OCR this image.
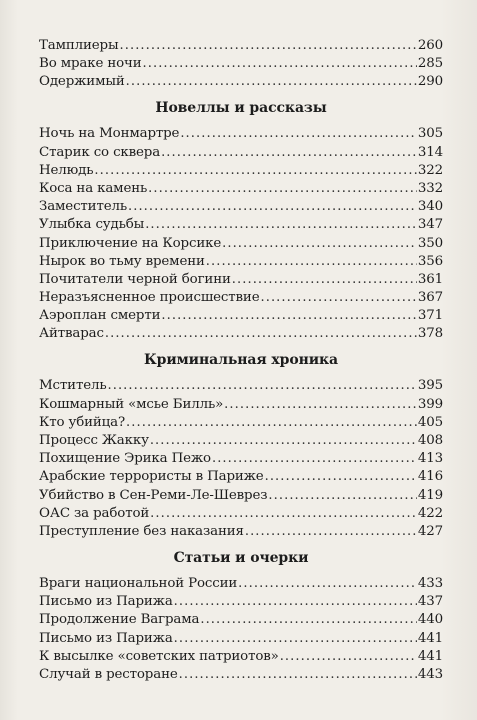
Тамплиеры .....	260
Во мраке ночи .....	285
Одержимый .....	290
Новеллы и рассказы
Ночь на Монмартре .....	305
Старик со сквера .....	314
Нелюдь .....	322
Коса на камень .....	332
Заместитель .....	340
Улыбка судьбы .....	347
Приключение на Корсике .....	350
Нырок во тьму времени .....	356
Почитатели черной богини .....	361
Неразъясненное происшествие .....	367
Аэроплан смерти .....	371
Айтварас .....	378
Криминальная хроника
Мститель .....	395
Кошмарный «мсье Билль» .....	399
Кто убийца? .....	405
Процесс Жакку .....	408
Похищение Эрика Пежо .....	413
Арабские террористы в Париже .....	416
Убийство в Сен-Реми-Ле-Шеврез .....	419
ОАС за работой .....	422
Преступление без наказания .....	427
Статьи и очерки
Враги национальной России .....	433
Письмо из Парижа .....	437
Продолжение Ваграма .....	440
Письмо из Парижа .....	441
К высылке «советских патриотов» .....	441
Случай в ресторане .....	443
